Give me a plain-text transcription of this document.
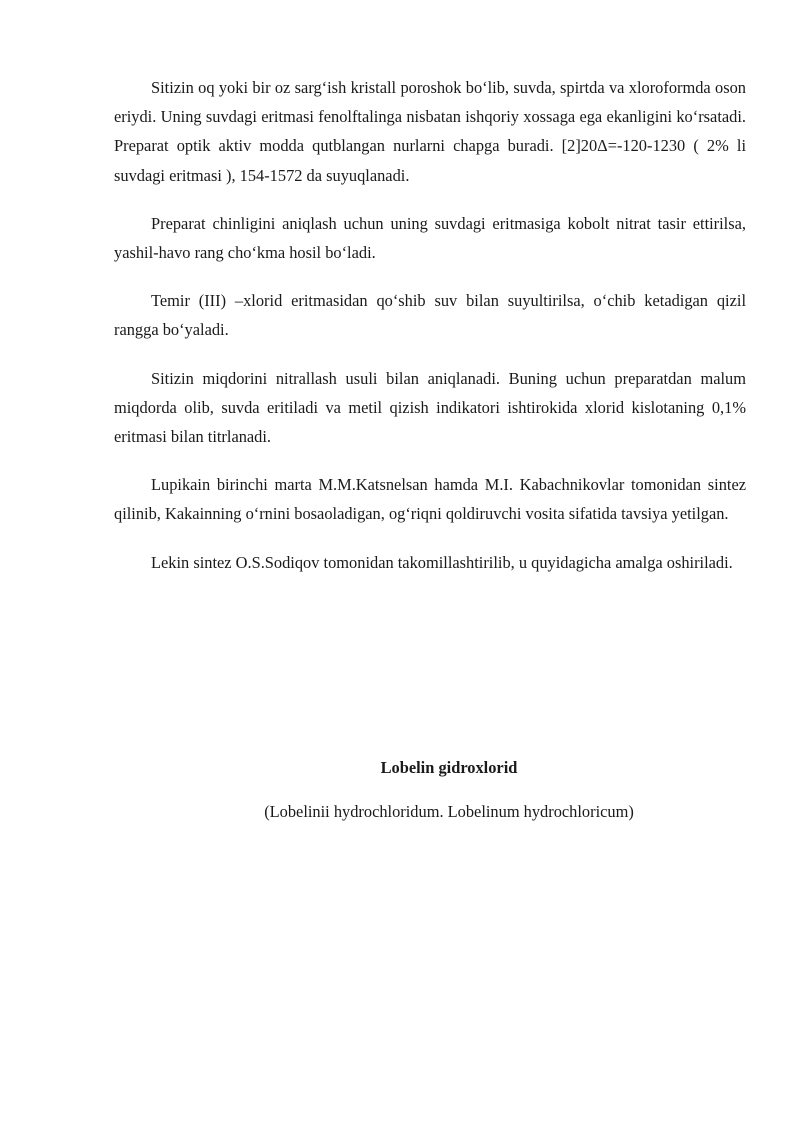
Sitizin oq yoki bir oz sarg‘ish kristall poroshok bo‘lib, suvda, spirtda va xloroformda oson eriydi. Uning suvdagi eritmasi fenolftalinga nisbatan ishqoriy xossaga ega ekanligini ko‘rsatadi. Preparat optik aktiv modda qutblangan nurlarni chapga buradi. [2]20Δ=-120-1230 ( 2% li suvdagi eritmasi ), 154-1572 da suyuqlanadi.

Preparat chinligini aniqlash uchun uning suvdagi eritmasiga kobolt nitrat tasir ettirilsa, yashil-havo rang cho‘kma hosil bo‘ladi.

Temir (III) –xlorid eritmasidan qo‘shib suv bilan suyultirilsa, o‘chib ketadigan qizil rangga bo‘yaladi.

Sitizin miqdorini nitrallash usuli bilan aniqlanadi. Buning uchun preparatdan malum miqdorda olib, suvda eritiladi va metil qizish indikatori ishtirokida xlorid kislotaning 0,1% eritmasi bilan titrlanadi.

Lupikain birinchi marta M.M.Katsnelsan hamda M.I. Kabachnikovlar tomonidan sintez qilinib, Kakainning o‘rnini bosaoladigan, og‘riqni qoldiruvchi vosita sifatida tavsiya yetilgan.

Lekin sintez O.S.Sodiqov tomonidan takomillashtirilib, u quyidagicha amalga oshiriladi.

Lobelin gidroxlorid
(Lobelinii hydrochloridum. Lobelinum hydrochloricum)
